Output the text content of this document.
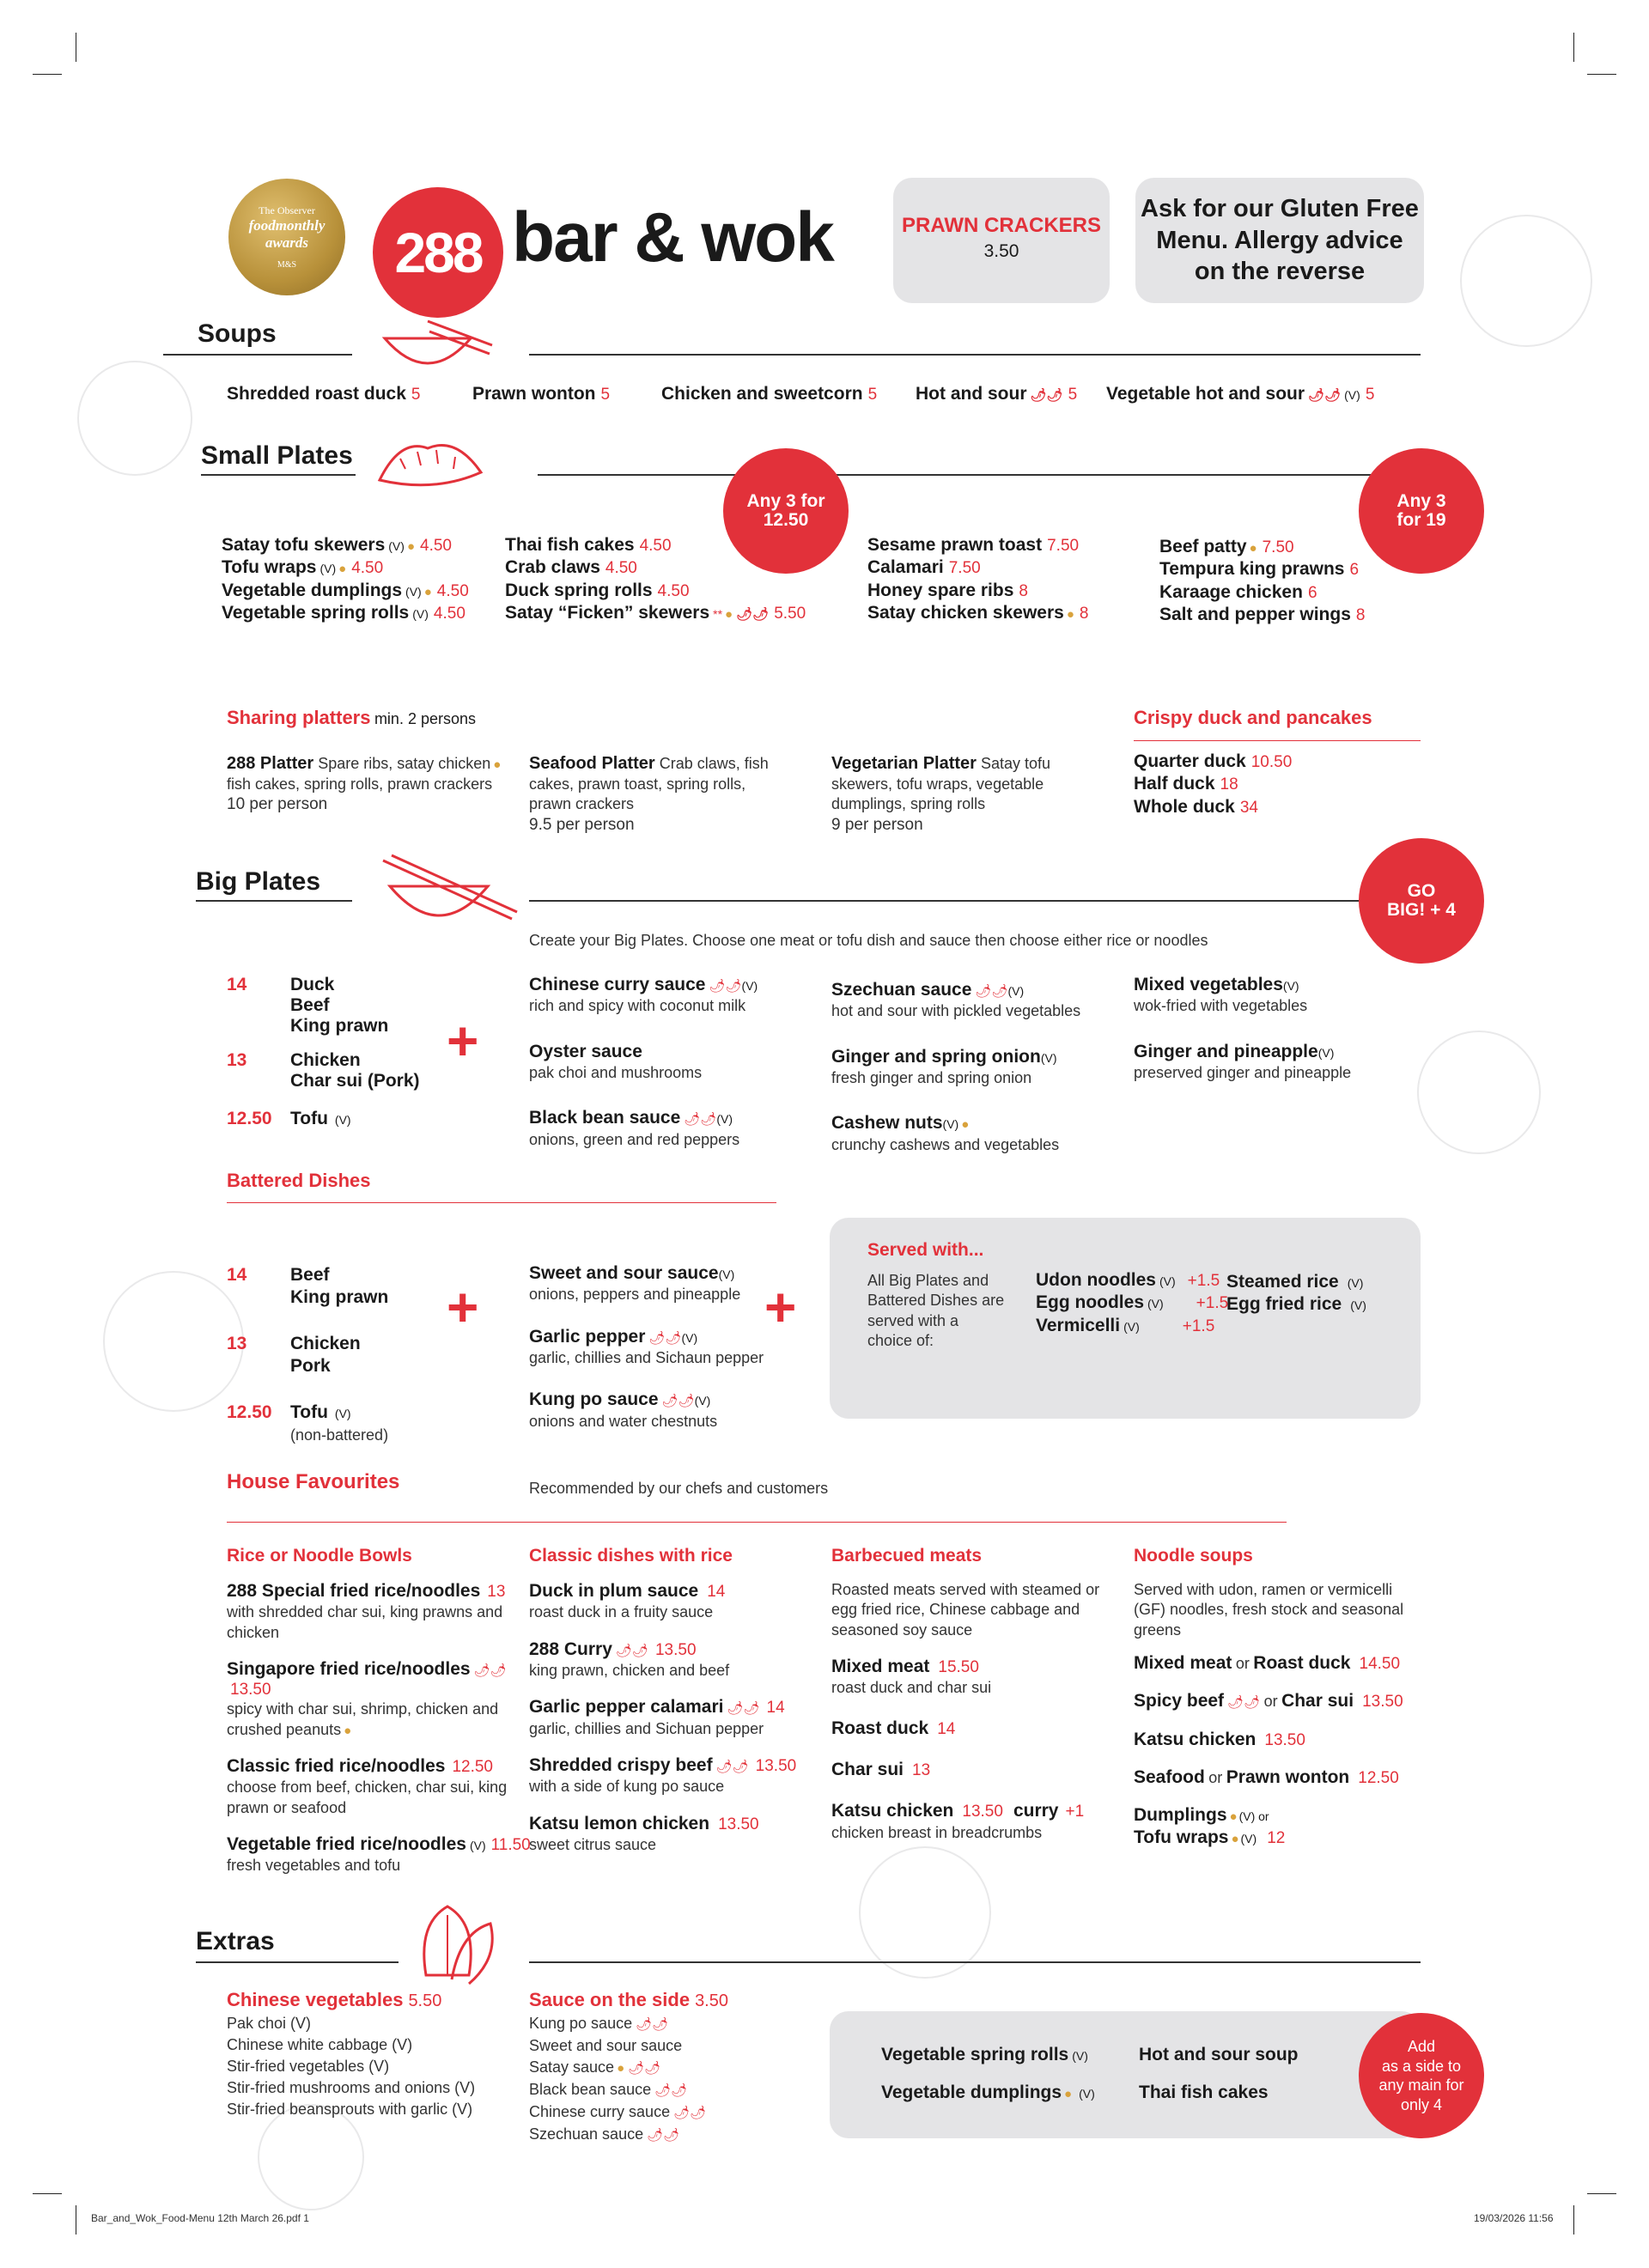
The Observer
foodmonthly
awards
M&S	288 bar & wok	PRAWN CRACKERS
3.50
Ask for our Gluten Free
Menu. Allergy advice
on the reverse
Soups
Shredded roast duck 5	Prawn wonton 5	Chicken and sweetcorn 5 Hot and sour 🌶🌶 5 Vegetable hot and sour 🌶🌶 (V) 5
Small Plates
Any 3 for 12.50
Any 3 for 19
Satay tofu skewers (V) ● 4.50
Tofu wraps (V) ● 4.50
Vegetable dumplings (V) ● 4.50
Vegetable spring rolls (V) 4.50
Thai fish cakes 4.50
Crab claws 4.50
Duck spring rolls 4.50
Satay “Ficken” skewers ** ● 🌶🌶 5.50
Sesame prawn toast 7.50
Calamari 7.50
Honey spare ribs 8
Satay chicken skewers ● 8
Beef patty ● 7.50
Tempura king prawns 6
Karaage chicken 6
Salt and pepper wings 8
Sharing platters min. 2 persons
288 Platter Spare ribs, satay chicken ●
fish cakes, spring rolls, prawn crackers
10 per person
Seafood Platter Crab claws, fish
cakes, prawn toast, spring rolls,
prawn crackers
9.5 per person
Vegetarian Platter Satay tofu
skewers, tofu wraps, vegetable
dumplings, spring rolls
9 per person
Crispy duck and pancakes
Quarter duck 10.50
Half duck 18
Whole duck 34
Big Plates	GO BIG! + 4
Create your Big Plates. Choose one meat or tofu dish and sauce then choose either rice or noodles
14 Duck
Beef
King prawn
13 Chicken
Char sui (Pork)
12.50 Tofu (V)
+
Chinese curry sauce 🌶🌶(V)
rich and spicy with coconut milk
Oyster sauce
pak choi and mushrooms
Black bean sauce 🌶🌶(V)
onions, green and red peppers
Szechuan sauce 🌶🌶(V)
hot and sour with pickled vegetables
Ginger and spring onion(V)
fresh ginger and spring onion
Cashew nuts(V) ●
crunchy cashews and vegetables
Mixed vegetables(V)
wok-fried with vegetables
Ginger and pineapple(V)
preserved ginger and pineapple
Battered Dishes
14 Beef
King prawn
13 Chicken
Pork
12.50 Tofu (V)
(non-battered)
+
Sweet and sour sauce(V)
onions, peppers and pineapple
Garlic pepper 🌶🌶(V)
garlic, chillies and Sichaun pepper
Kung po sauce 🌶🌶(V)
onions and water chestnuts
+
Served with...
All Big Plates and
Battered Dishes are
served with a
choice of:
Udon noodles (V) +1.5
Egg noodles (V) +1.5
Vermicelli (V)	+1.5
Steamed rice (V)
Egg fried rice (V)
House Favourites	Recommended by our chefs and customers
Rice or Noodle Bowls
288 Special fried rice/noodles 13
with shredded char sui, king prawns and chicken
Singapore fried rice/noodles 🌶🌶13.50
spicy with char sui, shrimp, chicken and crushed peanuts ●
Classic fried rice/noodles 12.50
choose from beef, chicken, char sui, king prawn or seafood
Vegetable fried rice/noodles (V) 11.50
fresh vegetables and tofu
Classic dishes with rice
Duck in plum sauce 14
roast duck in a fruity sauce
288 Curry 🌶🌶 13.50
king prawn, chicken and beef
Garlic pepper calamari 🌶🌶 14
garlic, chillies and Sichuan pepper
Shredded crispy beef 🌶🌶 13.50
with a side of kung po sauce
Katsu lemon chicken 13.50
sweet citrus sauce
Barbecued meats
Roasted meats served with steamed or egg fried rice, Chinese cabbage and seasoned soy sauce
Mixed meat 15.50
roast duck and char sui
Roast duck 14
Char sui 13
Katsu chicken 13.50 curry +1
chicken breast in breadcrumbs
Noodle soups
Served with udon, ramen or vermicelli (GF) noodles, fresh stock and seasonal greens
Mixed meat or Roast duck 14.50
Spicy beef 🌶🌶 or Char sui 13.50
Katsu chicken 13.50
Seafood or Prawn wonton 12.50
Dumplings ● (V) or
Tofu wraps ● (V) 12
Extras
Chinese vegetables 5.50
Pak choi (V)
Chinese white cabbage (V)
Stir-fried vegetables (V)
Stir-fried mushrooms and onions (V)
Stir-fried beansprouts with garlic (V)
Sauce on the side 3.50
Kung po sauce 🌶🌶
Sweet and sour sauce
Satay sauce ● 🌶🌶
Black bean sauce 🌶🌶
Chinese curry sauce 🌶🌶
Szechuan sauce 🌶🌶
Vegetable spring rolls (V)
Vegetable dumplings ● (V)
Hot and sour soup
Thai fish cakes
Add
as a side to
any main for
only 4
Bar_and_Wok_Food-Menu 12th March 26.pdf 1	19/03/2026 11:56
